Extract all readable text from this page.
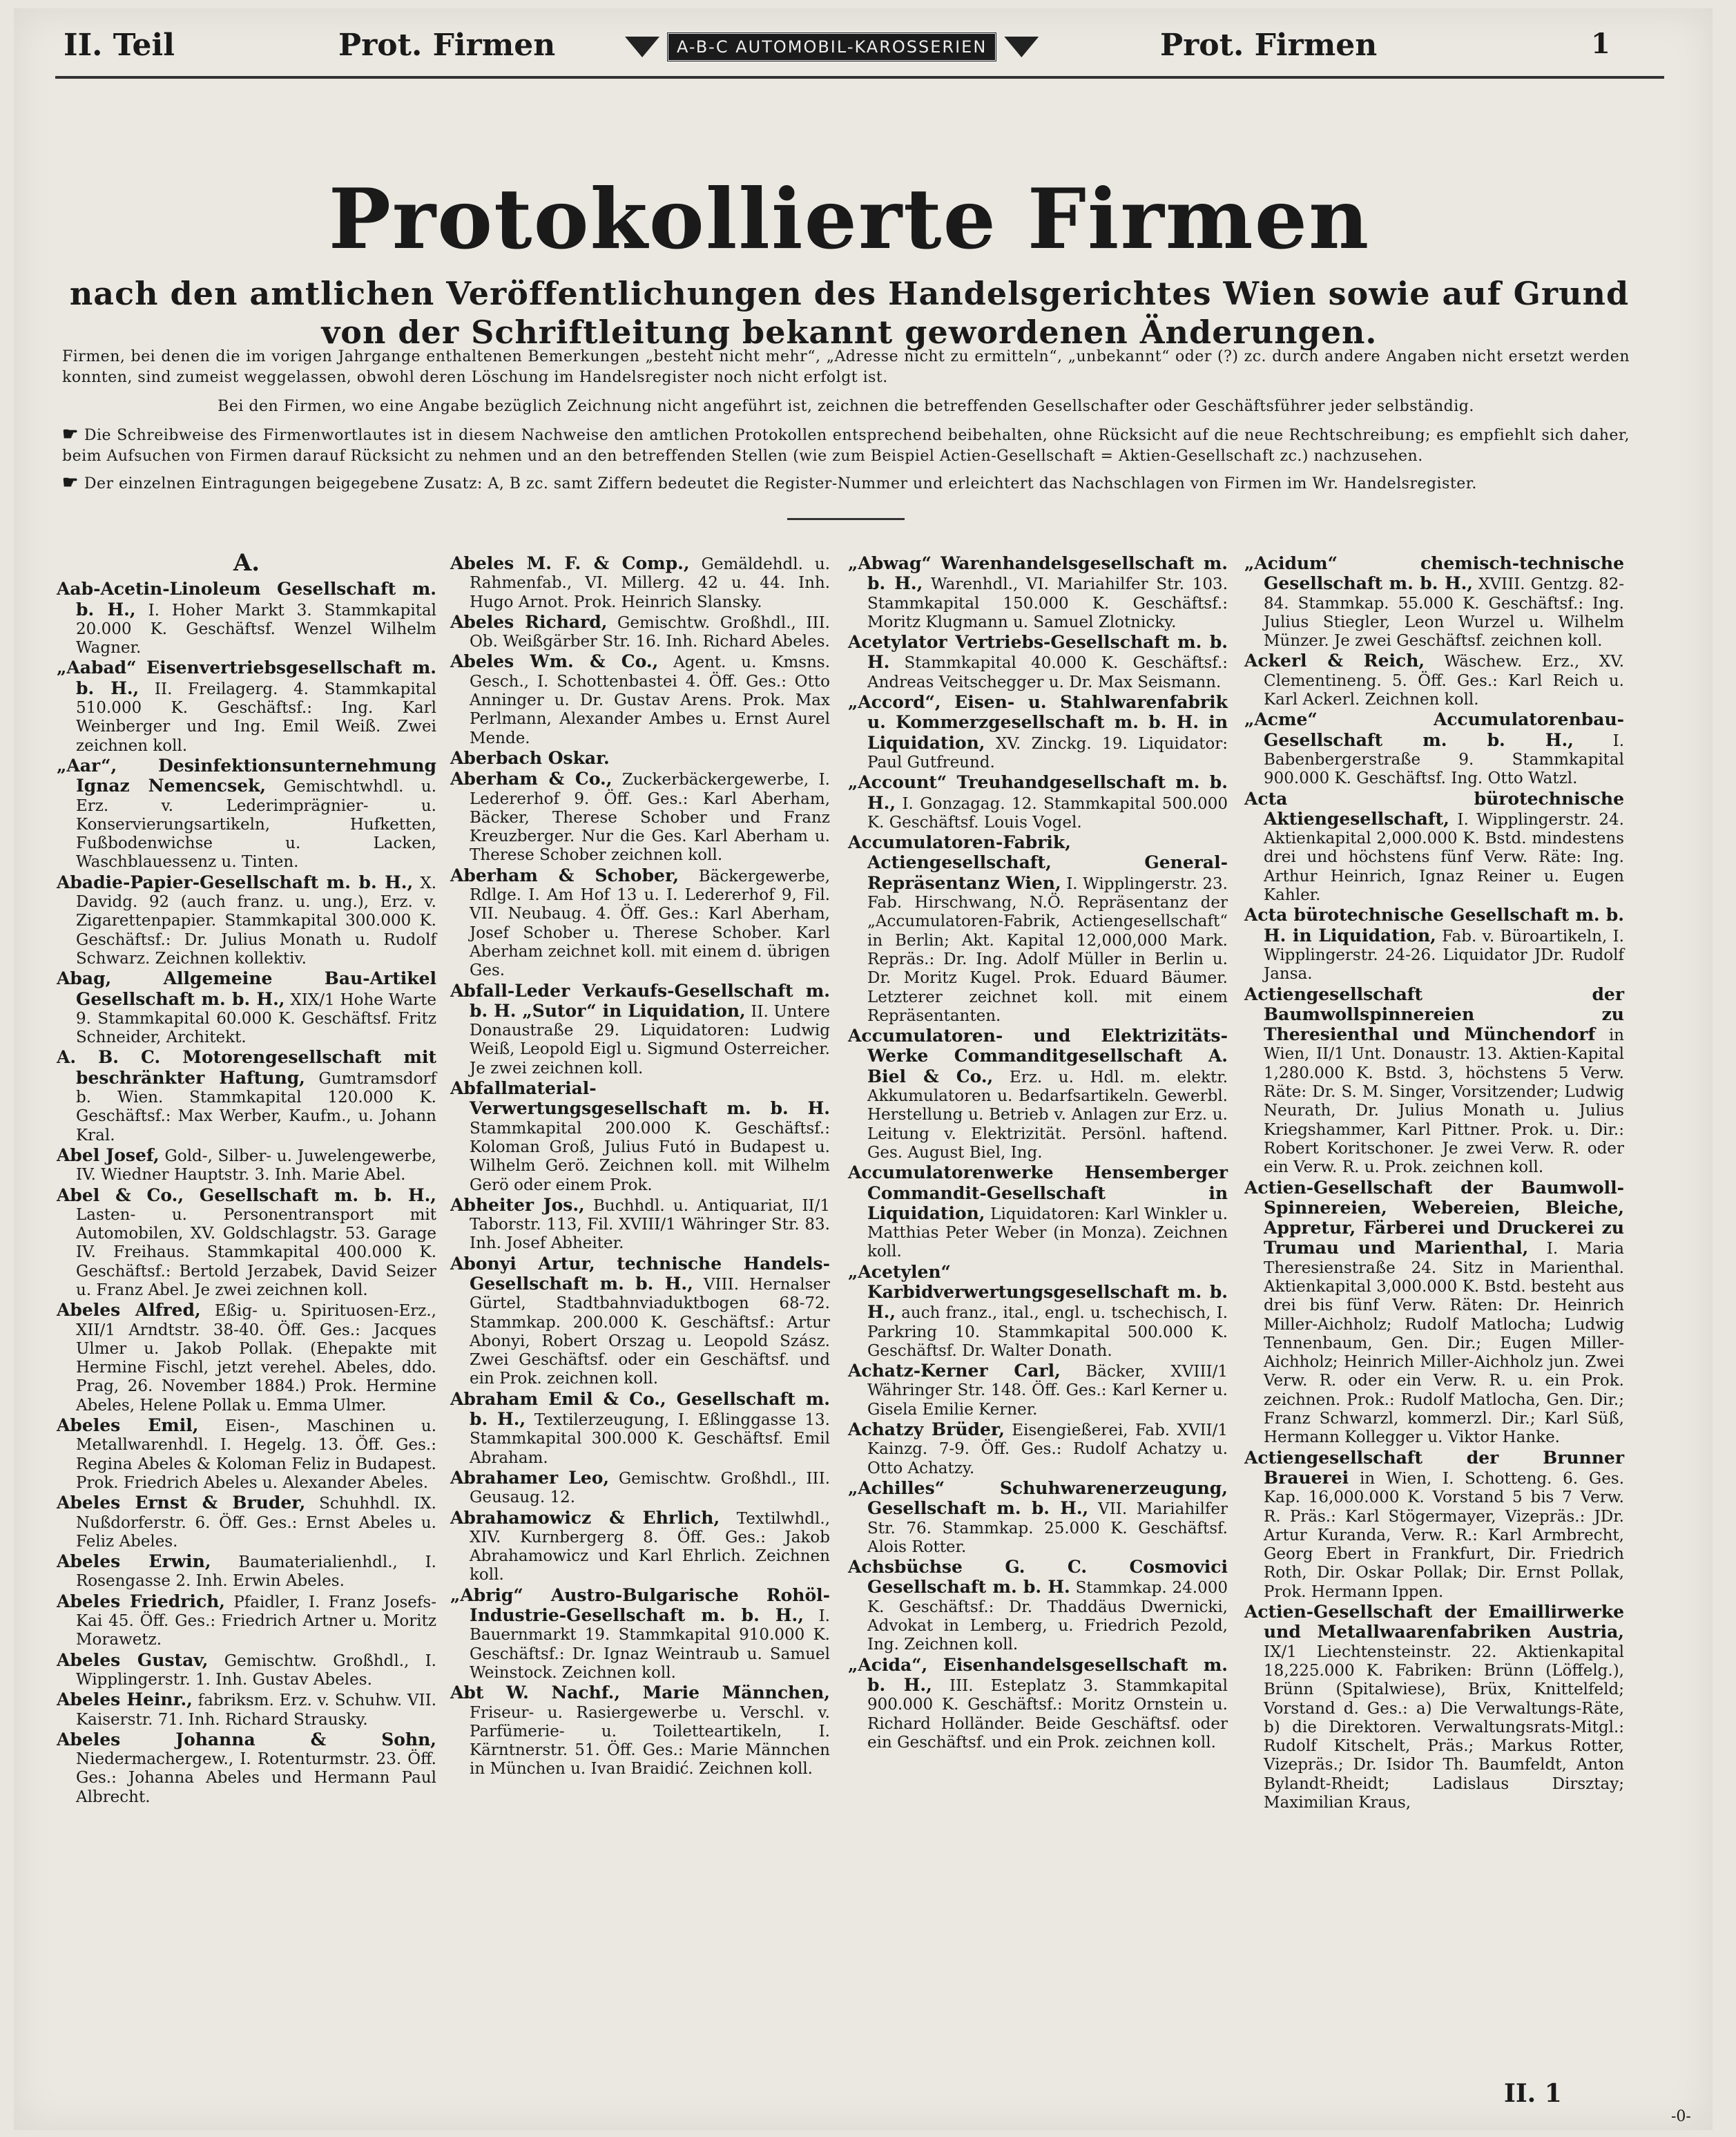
II. Teil	Prot. Firmen	A-B-C AUTOMOBIL-KAROSSERIEN	Prot. Firmen	1
Protokollierte Firmen
nach den amtlichen Veröffentlichungen des Handelsgerichtes Wien sowie auf Grund von der Schriftleitung bekannt gewordenen Änderungen.
Firmen, bei denen die im vorigen Jahrgange enthaltenen Bemerkungen „besteht nicht mehr“, „Adresse nicht zu ermitteln“, „unbekannt“ oder (?) zc. durch andere Angaben nicht ersetzt werden konnten, sind zumeist weggelassen, obwohl deren Löschung im Handelsregister noch nicht erfolgt ist.
Bei den Firmen, wo eine Angabe bezüglich Zeichnung nicht angeführt ist, zeichnen die betreffenden Gesellschafter oder Geschäftsführer jeder selbständig.
☛ Die Schreibweise des Firmenwortlautes ist in diesem Nachweise den amtlichen Protokollen entsprechend beibehalten, ohne Rücksicht auf die neue Rechtschreibung; es empfiehlt sich daher, beim Aufsuchen von Firmen darauf Rücksicht zu nehmen und an den betreffenden Stellen (wie zum Beispiel Actien-Gesellschaft = Aktien-Gesellschaft zc.) nachzusehen.
☛ Der einzelnen Eintragungen beigegebene Zusatz: A, B zc. samt Ziffern bedeutet die Register-Nummer und erleichtert das Nachschlagen von Firmen im Wr. Handelsregister.
A.

Aab-Acetin-Linoleum Gesellschaft m. b. H., I. Hoher Markt 3. Stammkapital 20.000 K. Geschäftsf. Wenzel Wilhelm Wagner.

„Aabad“ Eisenvertriebsgesellschaft m. b. H., II. Freilagerg. 4. Stammkapital 510.000 K. Geschäftsf.: Ing. Karl Weinberger und Ing. Emil Weiß. Zwei zeichnen koll.

„Aar“, Desinfektionsunternehmung Ignaz Nemencsek, Gemischtwhdl. u. Erz. v. Lederimprägnier- u. Konservierungsartikeln, Hufketten, Fußbodenwichse u. Lacken, Waschblauessenz u. Tinten.

Abadie-Papier-Gesellschaft m. b. H., X. Davidg. 92 (auch franz. u. ung.), Erz. v. Zigarettenpapier. Stammkapital 300.000 K. Geschäftsf.: Dr. Julius Monath u. Rudolf Schwarz. Zeichnen kollektiv.

Abag, Allgemeine Bau-Artikel Gesellschaft m. b. H., XIX/1 Hohe Warte 9. Stammkapital 60.000 K. Geschäftsf. Fritz Schneider, Architekt.

A. B. C. Motorengesellschaft mit beschränkter Haftung, Gumtramsdorf b. Wien. Stammkapital 120.000 K. Geschäftsf.: Max Werber, Kaufm., u. Johann Kral.

Abel Josef, Gold-, Silber- u. Juwelengewerbe, IV. Wiedner Hauptstr. 3. Inh. Marie Abel.

Abel & Co., Gesellschaft m. b. H., Lasten- u. Personentransport mit Automobilen, XV. Goldschlagstr. 53. Garage IV. Freihaus. Stammkapital 400.000 K. Geschäftsf.: Bertold Jerzabek, David Seizer u. Franz Abel. Je zwei zeichnen koll.

Abeles Alfred, Eßig- u. Spirituosen-Erz., XII/1 Arndtstr. 38-40. Öff. Ges.: Jacques Ulmer u. Jakob Pollak. (Ehepakte mit Hermine Fischl, jetzt verehel. Abeles, ddo. Prag, 26. November 1884.) Prok. Hermine Abeles, Helene Pollak u. Emma Ulmer.

Abeles Emil, Eisen-, Maschinen u. Metallwarenhdl. I. Hegelg. 13. Öff. Ges.: Regina Abeles & Koloman Feliz in Budapest. Prok. Friedrich Abeles u. Alexander Abeles.

Abeles Ernst & Bruder, Schuhhdl. IX. Nußdorferstr. 6. Öff. Ges.: Ernst Abeles u. Feliz Abeles.

Abeles Erwin, Baumaterialienhdl., I. Rosengasse 2. Inh. Erwin Abeles.

Abeles Friedrich, Pfaidler, I. Franz Josefs-Kai 45. Öff. Ges.: Friedrich Artner u. Moritz Morawetz.

Abeles Gustav, Gemischtw. Großhdl., I. Wipplingerstr. 1. Inh. Gustav Abeles.

Abeles Heinr., fabriksm. Erz. v. Schuhw. VII. Kaiserstr. 71. Inh. Richard Strausky.

Abeles Johanna & Sohn, Niedermachergew., I. Rotenturmstr. 23. Öff. Ges.: Johanna Abeles und Hermann Paul Albrecht.

Abeles M. F. & Comp., Gemäldehdl. u. Rahmenfab., VI. Millerg. 42 u. 44. Inh. Hugo Arnot. Prok. Heinrich Slansky.

Abeles Richard, Gemischtw. Großhdl., III. Ob. Weißgärber Str. 16. Inh. Richard Abeles.

Abeles Wm. & Co., Agent. u. Kmsns. Gesch., I. Schottenbastei 4. Öff. Ges.: Otto Anninger u. Dr. Gustav Arens. Prok. Max Perlmann, Alexander Ambes u. Ernst Aurel Mende.

Aberbach Oskar.

Aberham & Co., Zuckerbäckergewerbe, I. Ledererhof 9. Öff. Ges.: Karl Aberham, Bäcker, Therese Schober und Franz Kreuzberger. Nur die Ges. Karl Aberham u. Therese Schober zeichnen koll.

Aberham & Schober, Bäckergewerbe, Rdlge. I. Am Hof 13 u. I. Ledererhof 9, Fil. VII. Neubaug. 4. Öff. Ges.: Karl Aberham, Josef Schober u. Therese Schober. Karl Aberham zeichnet koll. mit einem d. übrigen Ges.

Abfall-Leder Verkaufs-Gesellschaft m. b. H. „Sutor“ in Liquidation, II. Untere Donaustraße 29. Liquidatoren: Ludwig Weiß, Leopold Eigl u. Sigmund Osterreicher. Je zwei zeichnen koll.

Abfallmaterial-Verwertungsgesellschaft m. b. H. Stammkapital 200.000 K. Geschäftsf.: Koloman Groß, Julius Futó in Budapest u. Wilhelm Gerö. Zeichnen koll. mit Wilhelm Gerö oder einem Prok.

Abheiter Jos., Buchhdl. u. Antiquariat, II/1 Taborstr. 113, Fil. XVIII/1 Währinger Str. 83. Inh. Josef Abheiter.

Abonyi Artur, technische Handels-Gesellschaft m. b. H., VIII. Hernalser Gürtel, Stadtbahnviaduktbogen 68-72. Stammkap. 200.000 K. Geschäftsf.: Artur Abonyi, Robert Orszag u. Leopold Szász. Zwei Geschäftsf. oder ein Geschäftsf. und ein Prok. zeichnen koll.

Abraham Emil & Co., Gesellschaft m. b. H., Textilerzeugung, I. Eßlinggasse 13. Stammkapital 300.000 K. Geschäftsf. Emil Abraham.

Abrahamer Leo, Gemischtw. Großhdl., III. Geusaug. 12.

Abrahamowicz & Ehrlich, Textilwhdl., XIV. Kurnbergerg 8. Öff. Ges.: Jakob Abrahamowicz und Karl Ehrlich. Zeichnen koll.

„Abrig“ Austro-Bulgarische Rohöl-Industrie-Gesellschaft m. b. H., I. Bauernmarkt 19. Stammkapital 910.000 K. Geschäftsf.: Dr. Ignaz Weintraub u. Samuel Weinstock. Zeichnen koll.

Abt W. Nachf., Marie Männchen, Friseur- u. Rasiergewerbe u. Verschl. v. Parfümerie- u. Toiletteartikeln, I. Kärntnerstr. 51. Öff. Ges.: Marie Männchen in München u. Ivan Braidić. Zeichnen koll.

„Abwag“ Warenhandelsgesellschaft m. b. H., Warenhdl., VI. Mariahilfer Str. 103. Stammkapital 150.000 K. Geschäftsf.: Moritz Klugmann u. Samuel Zlotnicky.

Acetylator Vertriebs-Gesellschaft m. b. H. Stammkapital 40.000 K. Geschäftsf.: Andreas Veitschegger u. Dr. Max Seismann.

„Accord“, Eisen- u. Stahlwarenfabrik u. Kommerzgesellschaft m. b. H. in Liquidation, XV. Zinckg. 19. Liquidator: Paul Gutfreund.

„Account“ Treuhandgesellschaft m. b. H., I. Gonzagag. 12. Stammkapital 500.000 K. Geschäftsf. Louis Vogel.

Accumulatoren-Fabrik, Actiengesellschaft, General-Repräsentanz Wien, I. Wipplingerstr. 23. Fab. Hirschwang, N.Ö. Repräsentanz der „Accumulatoren-Fabrik, Actiengesellschaft“ in Berlin; Akt. Kapital 12,000,000 Mark. Repräs.: Dr. Ing. Adolf Müller in Berlin u. Dr. Moritz Kugel. Prok. Eduard Bäumer. Letzterer zeichnet koll. mit einem Repräsentanten.

Accumulatoren- und Elektrizitäts-Werke Commanditgesellschaft A. Biel & Co., Erz. u. Hdl. m. elektr. Akkumulatoren u. Bedarfsartikeln. Gewerbl. Herstellung u. Betrieb v. Anlagen zur Erz. u. Leitung v. Elektrizität. Persönl. haftend. Ges. August Biel, Ing.

Accumulatorenwerke Hensemberger Commandit-Gesellschaft in Liquidation, Liquidatoren: Karl Winkler u. Matthias Peter Weber (in Monza). Zeichnen koll.

„Acetylen“ Karbidverwertungsgesellschaft m. b. H., auch franz., ital., engl. u. tschechisch, I. Parkring 10. Stammkapital 500.000 K. Geschäftsf. Dr. Walter Donath.

Achatz-Kerner Carl, Bäcker, XVIII/1 Währinger Str. 148. Öff. Ges.: Karl Kerner u. Gisela Emilie Kerner.

Achatzy Brüder, Eisengießerei, Fab. XVII/1 Kainzg. 7-9. Öff. Ges.: Rudolf Achatzy u. Otto Achatzy.

„Achilles“ Schuhwarenerzeugung, Gesellschaft m. b. H., VII. Mariahilfer Str. 76. Stammkap. 25.000 K. Geschäftsf. Alois Rotter.

Achsbüchse G. C. Cosmovici Gesellschaft m. b. H. Stammkap. 24.000 K. Geschäftsf.: Dr. Thaddäus Dwernicki, Advokat in Lemberg, u. Friedrich Pezold, Ing. Zeichnen koll.

„Acida“, Eisenhandelsgesellschaft m. b. H., III. Esteplatz 3. Stammkapital 900.000 K. Geschäftsf.: Moritz Ornstein u. Richard Holländer. Beide Geschäftsf. oder ein Geschäftsf. und ein Prok. zeichnen koll.

„Acidum“ chemisch-technische Gesellschaft m. b. H., XVIII. Gentzg. 82-84. Stammkap. 55.000 K. Geschäftsf.: Ing. Julius Stiegler, Leon Wurzel u. Wilhelm Münzer. Je zwei Geschäftsf. zeichnen koll.

Ackerl & Reich, Wäschew. Erz., XV. Clementineng. 5. Öff. Ges.: Karl Reich u. Karl Ackerl. Zeichnen koll.

„Acme“ Accumulatorenbau-Gesellschaft m. b. H., I. Babenbergerstraße 9. Stammkapital 900.000 K. Geschäftsf. Ing. Otto Watzl.

Acta bürotechnische Aktiengesellschaft, I. Wipplingerstr. 24. Aktienkapital 2,000.000 K. Bstd. mindestens drei und höchstens fünf Verw. Räte: Ing. Arthur Heinrich, Ignaz Reiner u. Eugen Kahler.

Acta bürotechnische Gesellschaft m. b. H. in Liquidation, Fab. v. Büroartikeln, I. Wipplingerstr. 24-26. Liquidator JDr. Rudolf Jansa.

Actiengesellschaft der Baumwollspinnereien zu Theresienthal und Münchendorf in Wien, II/1 Unt. Donaustr. 13. Aktien-Kapital 1,280.000 K. Bstd. 3, höchstens 5 Verw. Räte: Dr. S. M. Singer, Vorsitzender; Ludwig Neurath, Dr. Julius Monath u. Julius Kriegshammer, Karl Pittner. Prok. u. Dir.: Robert Koritschoner. Je zwei Verw. R. oder ein Verw. R. u. Prok. zeichnen koll.

Actien-Gesellschaft der Baumwoll-Spinnereien, Webereien, Bleiche, Appretur, Färberei und Druckerei zu Trumau und Marienthal, I. Maria Theresienstraße 24. Sitz in Marienthal. Aktienkapital 3,000.000 K. Bstd. besteht aus drei bis fünf Verw. Räten: Dr. Heinrich Miller-Aichholz; Rudolf Matlocha; Ludwig Tennenbaum, Gen. Dir.; Eugen Miller-Aichholz; Heinrich Miller-Aichholz jun. Zwei Verw. R. oder ein Verw. R. u. ein Prok. zeichnen. Prok.: Rudolf Matlocha, Gen. Dir.; Franz Schwarzl, kommerzl. Dir.; Karl Süß, Hermann Kollegger u. Viktor Hanke.

Actiengesellschaft der Brunner Brauerei in Wien, I. Schotteng. 6. Ges. Kap. 16,000.000 K. Vorstand 5 bis 7 Verw. R. Präs.: Karl Stögermayer, Vizepräs.: JDr. Artur Kuranda, Verw. R.: Karl Armbrecht, Georg Ebert in Frankfurt, Dir. Friedrich Roth, Dir. Oskar Pollak; Dir. Ernst Pollak, Prok. Hermann Ippen.

Actien-Gesellschaft der Emaillirwerke und Metallwaarenfabriken Austria, IX/1 Liechtensteinstr. 22. Aktienkapital 18,225.000 K. Fabriken: Brünn (Löffelg.), Brünn (Spitalwiese), Brüx, Knittelfeld; Vorstand d. Ges.: a) Die Verwaltungs-Räte, b) die Direktoren. Verwaltungsrats-Mitgl.: Rudolf Kitschelt, Präs.; Markus Rotter, Vizepräs.; Dr. Isidor Th. Baumfeldt, Anton Bylandt-Rheidt; Ladislaus Dirsztay; Maximilian Kraus,

II. 1
-0-
